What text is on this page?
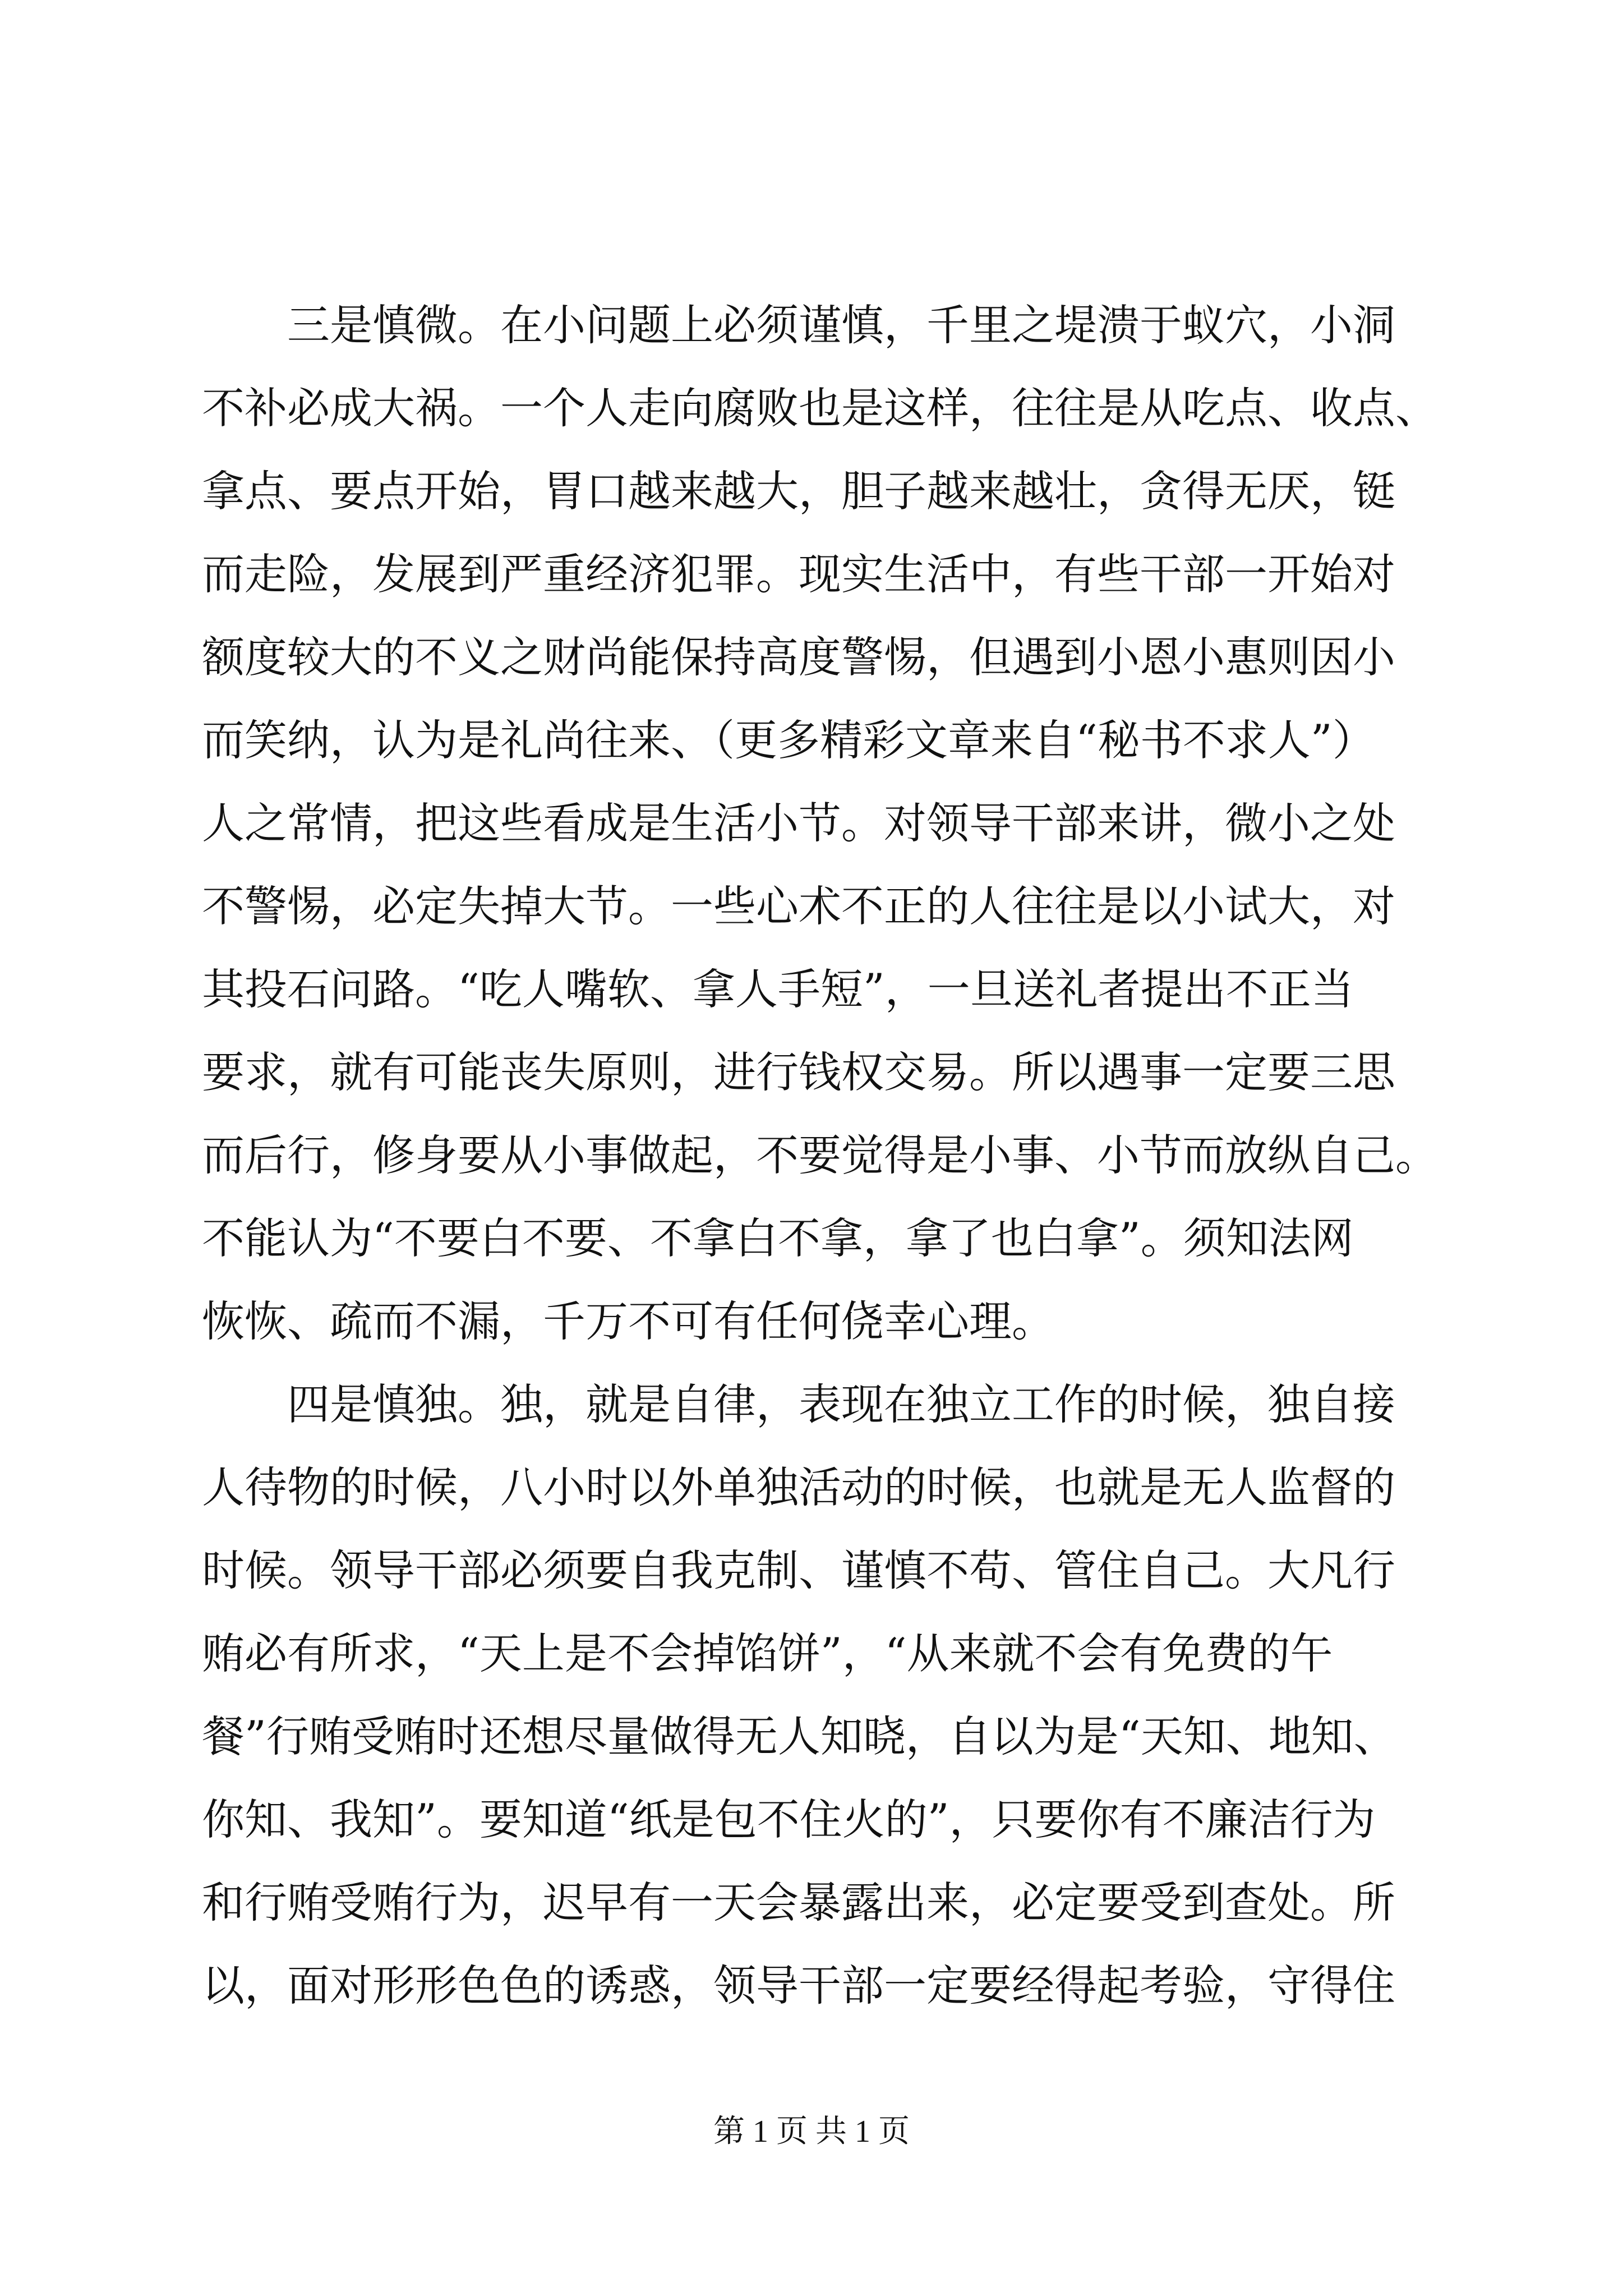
三是慎微。在小问题上必须谨慎，千里之堤溃于蚁穴，小洞
不补必成大祸。一个人走向腐败也是这样，往往是从吃点、收点、
拿点、要点开始，胃口越来越大，胆子越来越壮，贪得无厌，铤
而走险，发展到严重经济犯罪。现实生活中，有些干部一开始对
额度较大的不义之财尚能保持高度警惕，但遇到小恩小惠则因小
而笑纳，认为是礼尚往来、（更多精彩文章来自“秘书不求人”）
人之常情，把这些看成是生活小节。对领导干部来讲，微小之处
不警惕，必定失掉大节。一些心术不正的人往往是以小试大，对
其投石问路。“吃人嘴软、拿人手短”，一旦送礼者提出不正当
要求，就有可能丧失原则，进行钱权交易。所以遇事一定要三思
而后行，修身要从小事做起，不要觉得是小事、小节而放纵自己。
不能认为“不要白不要、不拿白不拿，拿了也白拿”。须知法网
恢恢、疏而不漏，千万不可有任何侥幸心理。
四是慎独。独，就是自律，表现在独立工作的时候，独自接
人待物的时候，八小时以外单独活动的时候，也就是无人监督的
时候。领导干部必须要自我克制、谨慎不苟、管住自己。大凡行
贿必有所求，“天上是不会掉馅饼”，“从来就不会有免费的午
餐”行贿受贿时还想尽量做得无人知晓，自以为是“天知、地知、
你知、我知”。要知道“纸是包不住火的”，只要你有不廉洁行为
和行贿受贿行为，迟早有一天会暴露出来，必定要受到查处。所
以，面对形形色色的诱惑，领导干部一定要经得起考验，守得住
第 1 页 共 1 页
